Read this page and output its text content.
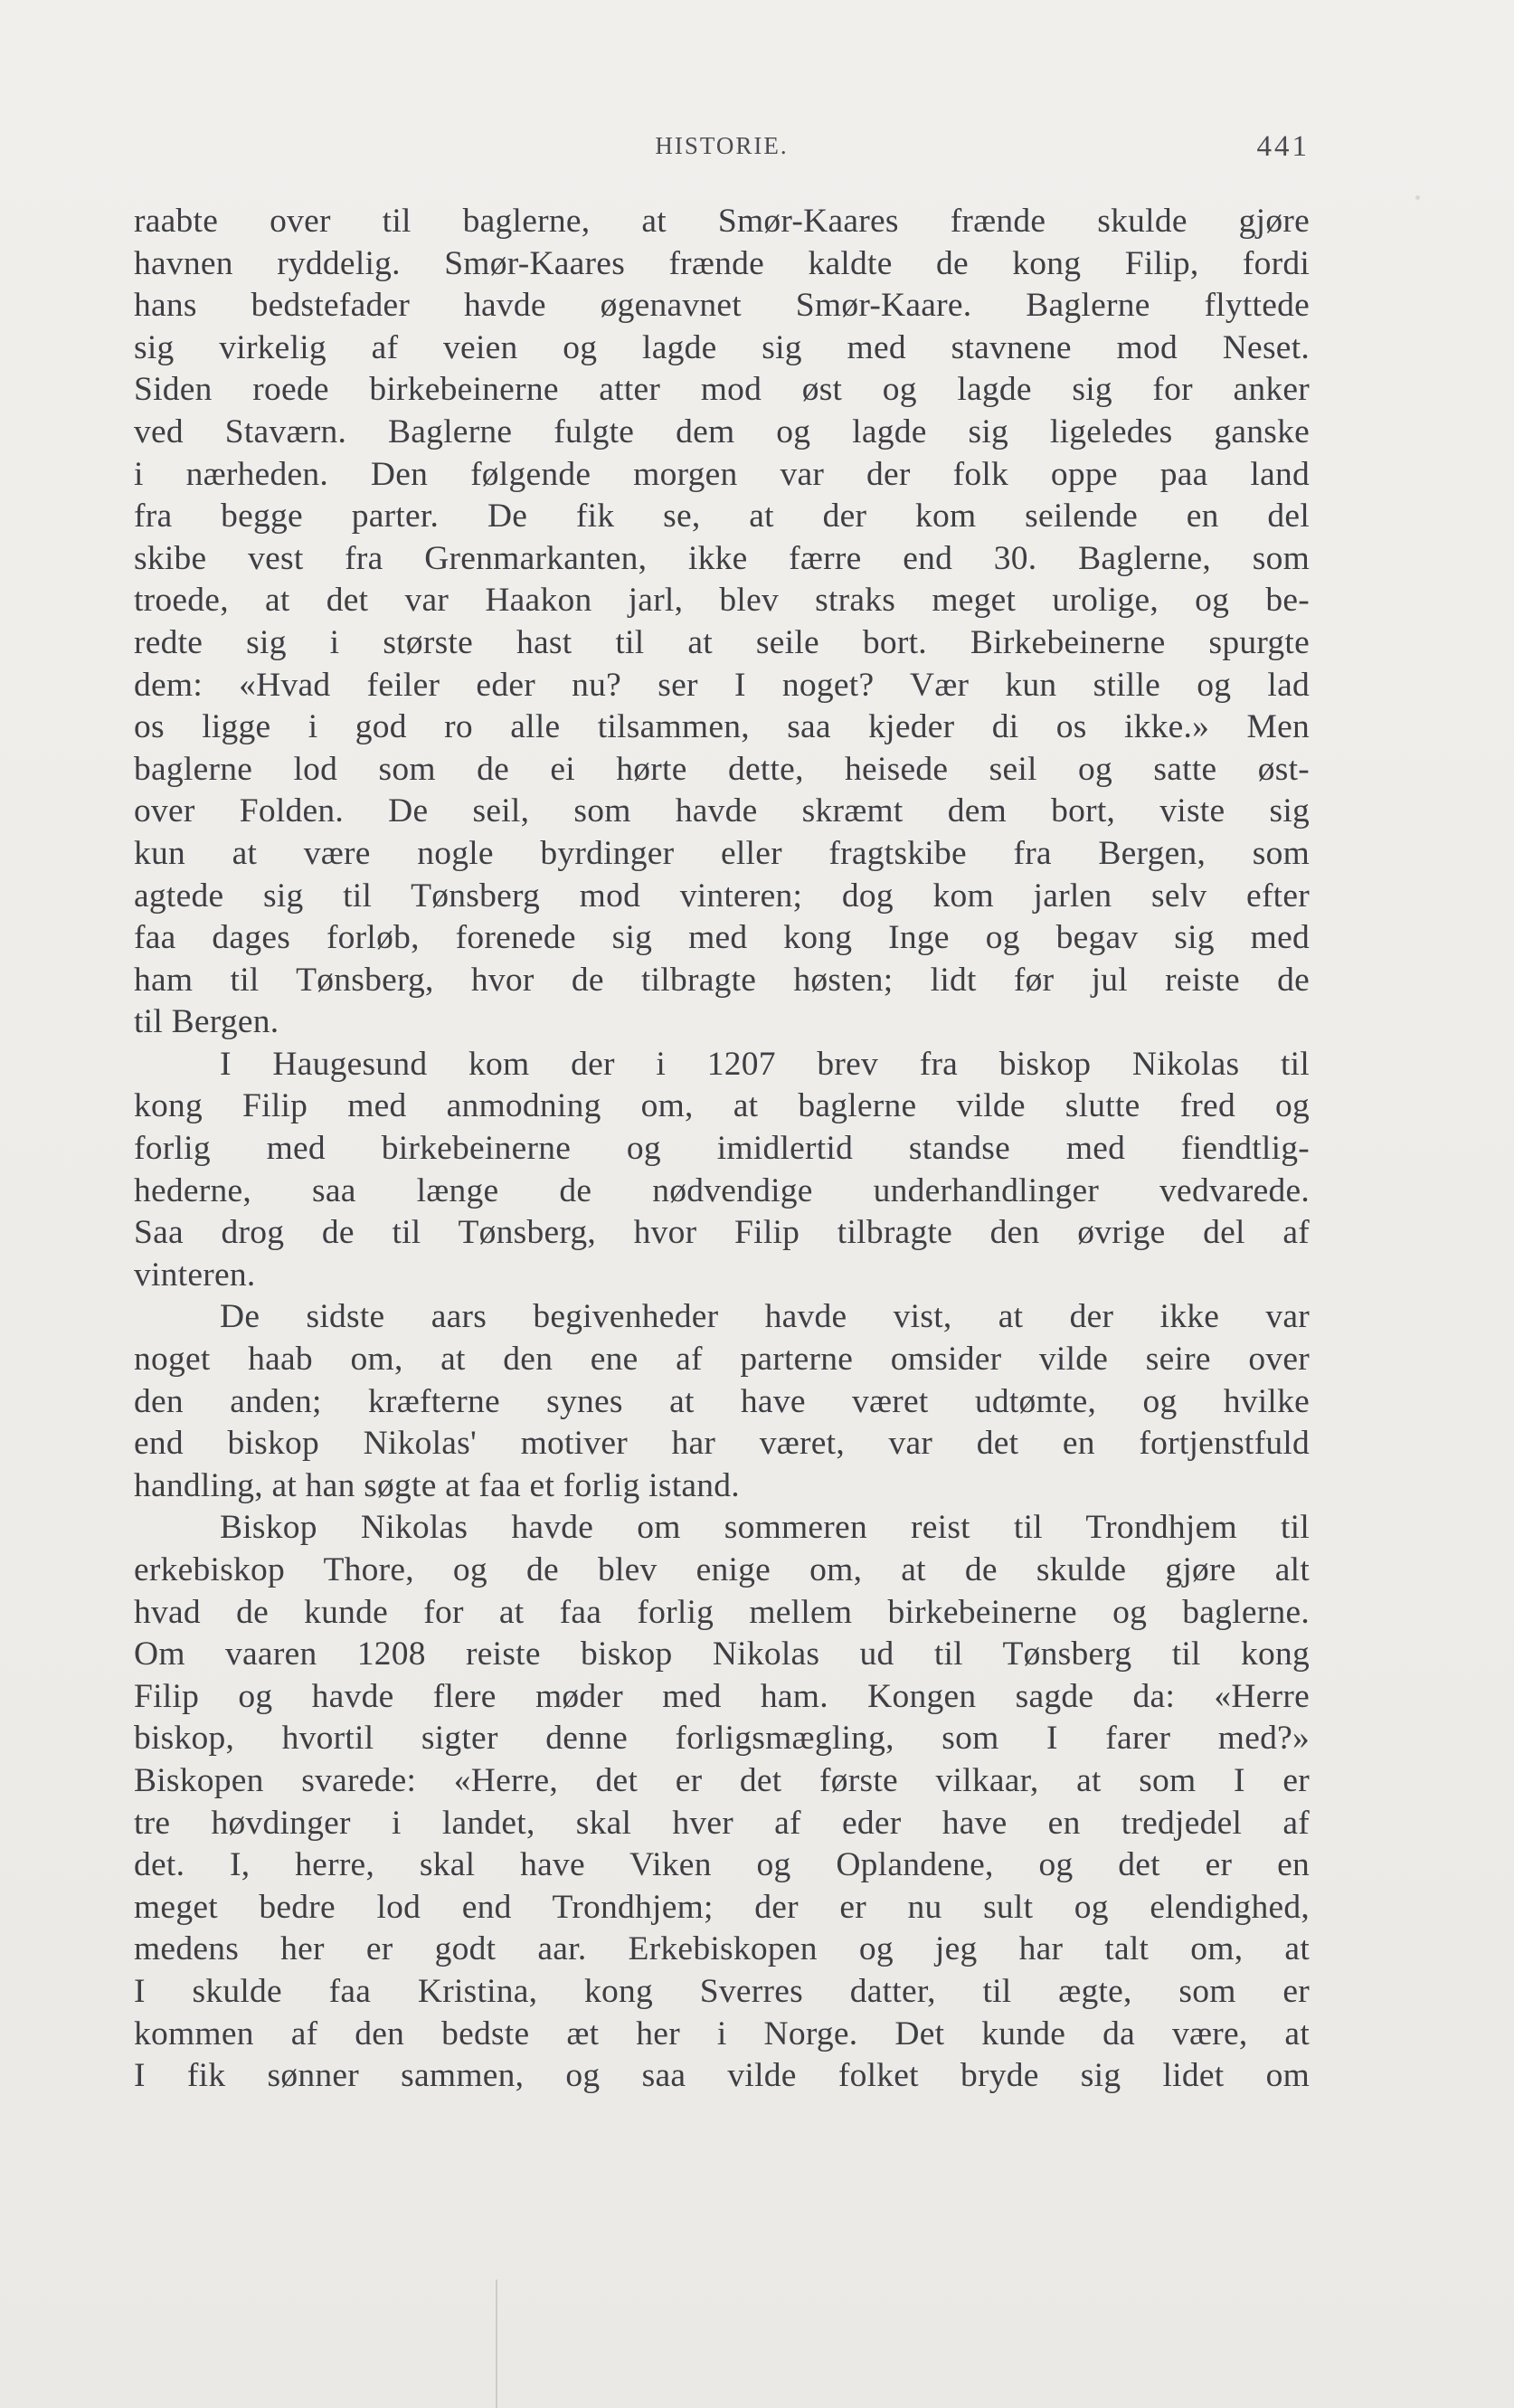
HISTORIE.	441
raabte over til baglerne, at Smør-Kaares frænde skulde gjøre
havnen ryddelig. Smør-Kaares frænde kaldte de kong Filip, fordi
hans bedstefader havde øgenavnet Smør-Kaare. Baglerne flyttede
sig virkelig af veien og lagde sig med stavnene mod Neset.
Siden roede birkebeinerne atter mod øst og lagde sig for anker
ved Staværn. Baglerne fulgte dem og lagde sig ligeledes ganske
i nærheden. Den følgende morgen var der folk oppe paa land
fra begge parter. De fik se, at der kom seilende en del
skibe vest fra Grenmarkanten, ikke færre end 30. Baglerne, som
troede, at det var Haakon jarl, blev straks meget urolige, og be-
redte sig i største hast til at seile bort. Birkebeinerne spurgte
dem: «Hvad feiler eder nu? ser I noget? Vær kun stille og lad
os ligge i god ro alle tilsammen, saa kjeder di os ikke.» Men
baglerne lod som de ei hørte dette, heisede seil og satte øst-
over Folden. De seil, som havde skræmt dem bort, viste sig
kun at være nogle byrdinger eller fragtskibe fra Bergen, som
agtede sig til Tønsberg mod vinteren; dog kom jarlen selv efter
faa dages forløb, forenede sig med kong Inge og begav sig med
ham til Tønsberg, hvor de tilbragte høsten; lidt før jul reiste de
til Bergen.
I Haugesund kom der i 1207 brev fra biskop Nikolas til
kong Filip med anmodning om, at baglerne vilde slutte fred og
forlig med birkebeinerne og imidlertid standse med fiendtlig-
hederne, saa længe de nødvendige underhandlinger vedvarede.
Saa drog de til Tønsberg, hvor Filip tilbragte den øvrige del af
vinteren.
De sidste aars begivenheder havde vist, at der ikke var
noget haab om, at den ene af parterne omsider vilde seire over
den anden; kræfterne synes at have været udtømte, og hvilke
end biskop Nikolas' motiver har været, var det en fortjenstfuld
handling, at han søgte at faa et forlig istand.
Biskop Nikolas havde om sommeren reist til Trondhjem til
erkebiskop Thore, og de blev enige om, at de skulde gjøre alt
hvad de kunde for at faa forlig mellem birkebeinerne og baglerne.
Om vaaren 1208 reiste biskop Nikolas ud til Tønsberg til kong
Filip og havde flere møder med ham. Kongen sagde da: «Herre
biskop, hvortil sigter denne forligsmægling, som I farer med?»
Biskopen svarede: «Herre, det er det første vilkaar, at som I er
tre høvdinger i landet, skal hver af eder have en tredjedel af
det. I, herre, skal have Viken og Oplandene, og det er en
meget bedre lod end Trondhjem; der er nu sult og elendighed,
medens her er godt aar. Erkebiskopen og jeg har talt om, at
I skulde faa Kristina, kong Sverres datter, til ægte, som er
kommen af den bedste æt her i Norge. Det kunde da være, at
I fik sønner sammen, og saa vilde folket bryde sig lidet om
